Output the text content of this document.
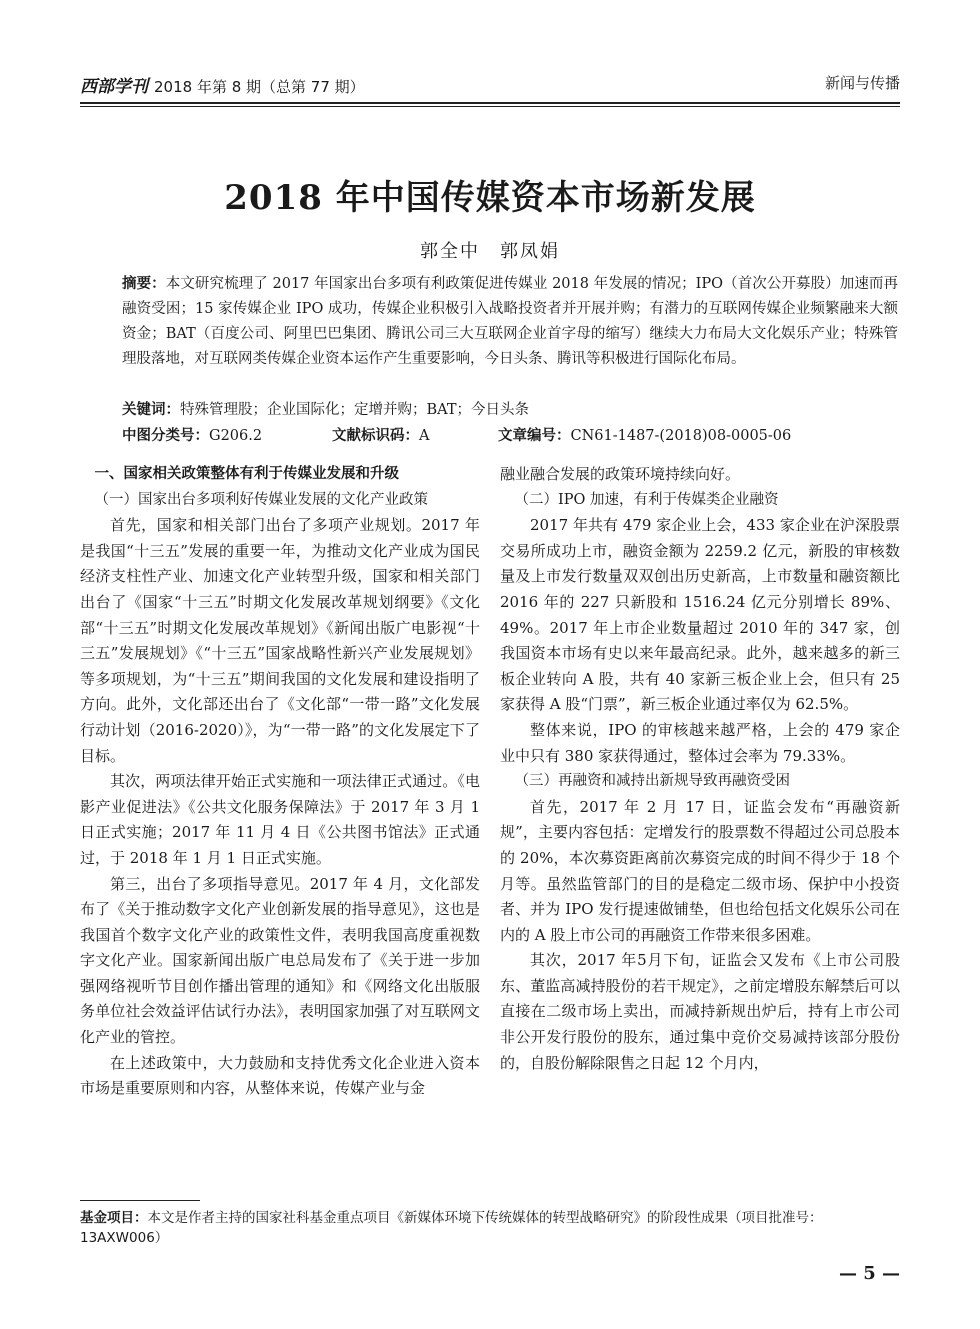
西部学刊 2018 年第 8 期（总第 77 期）	新闻与传播
2018 年中国传媒资本市场新发展
郭全中　郭凤娟
摘要：本文研究梳理了 2017 年国家出台多项有利政策促进传媒业 2018 年发展的情况；IPO（首次公开募股）加速而再融资受困；15 家传媒企业 IPO 成功，传媒企业积极引入战略投资者并开展并购；有潜力的互联网传媒企业频繁融来大额资金；BAT（百度公司、阿里巴巴集团、腾讯公司三大互联网企业首字母的缩写）继续大力布局大文化娱乐产业；特殊管理股落地，对互联网类传媒企业资本运作产生重要影响，今日头条、腾讯等积极进行国际化布局。
关键词：特殊管理股；企业国际化；定增并购；BAT；今日头条
中图分类号：G206.2	文献标识码：A	文章编号：CN61-1487-(2018)08-0005-06

一、国家相关政策整体有利于传媒业发展和升级

（一）国家出台多项利好传媒业发展的文化产业政策

首先，国家和相关部门出台了多项产业规划。2017 年是我国“十三五”发展的重要一年，为推动文化产业成为国民经济支柱性产业、加速文化产业转型升级，国家和相关部门出台了《国家“十三五”时期文化发展改革规划纲要》《文化部“十三五”时期文化发展改革规划》《新闻出版广电影视“十三五”发展规划》《“十三五”国家战略性新兴产业发展规划》等多项规划，为“十三五”期间我国的文化发展和建设指明了方向。此外，文化部还出台了《文化部“一带一路”文化发展行动计划（2016-2020）》，为“一带一路”的文化发展定下了目标。

其次，两项法律开始正式实施和一项法律正式通过。《电影产业促进法》《公共文化服务保障法》于 2017 年 3 月 1 日正式实施；2017 年 11 月 4 日《公共图书馆法》正式通过，于 2018 年 1 月 1 日正式实施。

第三，出台了多项指导意见。2017 年 4 月，文化部发布了《关于推动数字文化产业创新发展的指导意见》，这也是我国首个数字文化产业的政策性文件，表明我国高度重视数字文化产业。国家新闻出版广电总局发布了《关于进一步加强网络视听节目创作播出管理的通知》和《网络文化出版服务单位社会效益评估试行办法》，表明国家加强了对互联网文化产业的管控。

在上述政策中，大力鼓励和支持优秀文化企业进入资本市场是重要原则和内容，从整体来说，传媒产业与金

融业融合发展的政策环境持续向好。

（二）IPO 加速，有利于传媒类企业融资

2017 年共有 479 家企业上会，433 家企业在沪深股票交易所成功上市，融资金额为 2259.2 亿元，新股的审核数量及上市发行数量双双创出历史新高，上市数量和融资额比 2016 年的 227 只新股和 1516.24 亿元分别增长 89%、49%。2017 年上市企业数量超过 2010 年的 347 家，创我国资本市场有史以来年最高纪录。此外，越来越多的新三板企业转向 A 股，共有 40 家新三板企业上会，但只有 25 家获得 A 股“门票”，新三板企业通过率仅为 62.5%。

整体来说，IPO 的审核越来越严格，上会的 479 家企业中只有 380 家获得通过，整体过会率为 79.33%。

（三）再融资和减持出新规导致再融资受困

首先，2017 年 2 月 17 日，证监会发布“再融资新规”，主要内容包括：定增发行的股票数不得超过公司总股本的 20%，本次募资距离前次募资完成的时间不得少于 18 个月等。虽然监管部门的目的是稳定二级市场、保护中小投资者、并为 IPO 发行提速做铺垫，但也给包括文化娱乐公司在内的 A 股上市公司的再融资工作带来很多困难。

其次，2017 年5月下旬，证监会又发布《上市公司股东、董监高减持股份的若干规定》，之前定增股东解禁后可以直接在二级市场上卖出，而减持新规出炉后，持有上市公司非公开发行股份的股东，通过集中竞价交易减持该部分股份的，自股份解除限售之日起 12 个月内，

基金项目：本文是作者主持的国家社科基金重点项目《新媒体环境下传统媒体的转型战略研究》的阶段性成果（项目批准号：13AXW006）
— 5 —
